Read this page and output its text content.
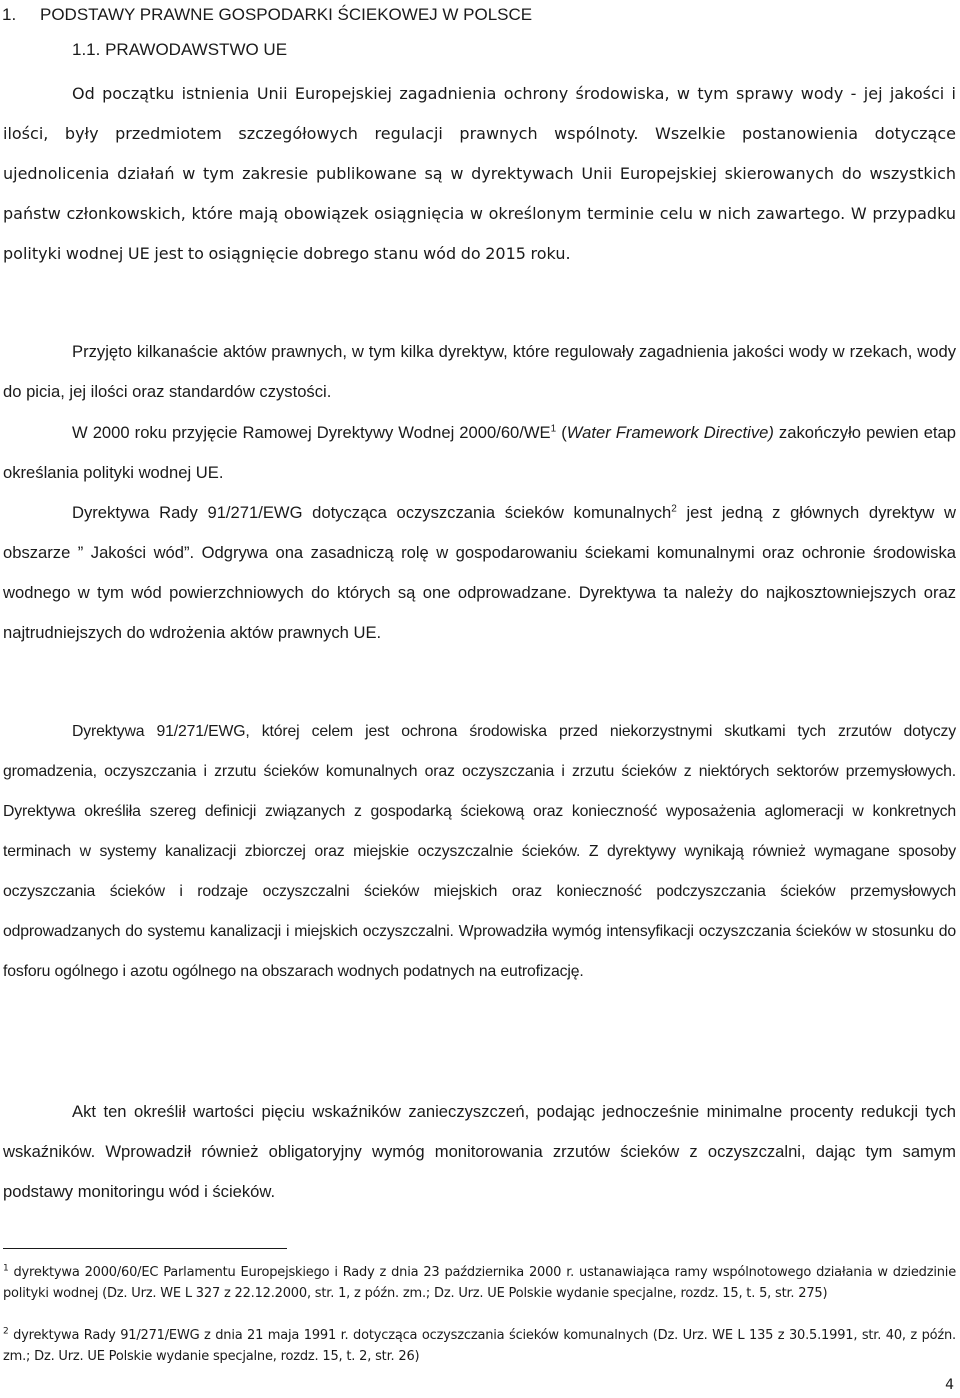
1. PODSTAWY PRAWNE GOSPODARKI ŚCIEKOWEJ W POLSCE
1.1. PRAWODAWSTWO UE

Od początku istnienia Unii Europejskiej zagadnienia ochrony środowiska, w tym sprawy wody - jej jakości i ilości, były przedmiotem szczegółowych regulacji prawnych wspólnoty. Wszelkie postanowienia dotyczące ujednolicenia działań w tym zakresie publikowane są w dyrektywach Unii Europejskiej skierowanych do wszystkich państw członkowskich, które mają obowiązek osiągnięcia w określonym terminie celu w nich zawartego. W przypadku polityki wodnej UE jest to osiągnięcie dobrego stanu wód do 2015 roku.

Przyjęto kilkanaście aktów prawnych, w tym kilka dyrektyw, które regulowały zagadnienia jakości wody w rzekach, wody do picia, jej ilości oraz standardów czystości.

W 2000 roku przyjęcie Ramowej Dyrektywy Wodnej $2000/60/WE^1$ (Water Framework Directive) zakończyło pewien etap określania polityki wodnej UE.

Dyrektywa Rady 91/271/EWG dotycząca oczyszczania ścieków komunalnych$^2$ jest jedną z głównych dyrektyw w obszarze ” Jakości wód”. Odgrywa ona zasadniczą rolę w gospodarowaniu ściekami komunalnymi oraz ochronie środowiska wodnego w tym wód powierzchniowych do których są one odprowadzane. Dyrektywa ta należy do najkosztowniejszych oraz najtrudniejszych do wdrożenia aktów prawnych UE.

Dyrektywa 91/271/EWG, której celem jest ochrona środowiska przed niekorzystnymi skutkami tych zrzutów dotyczy gromadzenia, oczyszczania i zrzutu ścieków komunalnych oraz oczyszczania i zrzutu ścieków z niektórych sektorów przemysłowych. Dyrektywa określiła szereg definicji związanych z gospodarką ściekową oraz konieczność wyposażenia aglomeracji w konkretnych terminach w systemy kanalizacji zbiorczej oraz miejskie oczyszczalnie ścieków. Z dyrektywy wynikają również wymagane sposoby oczyszczania ścieków i rodzaje oczyszczalni ścieków miejskich oraz konieczność podczyszczania ścieków przemysłowych odprowadzanych do systemu kanalizacji i miejskich oczyszczalni. Wprowadziła wymóg intensyfikacji oczyszczania ścieków w stosunku do fosforu ogólnego i azotu ogólnego na obszarach wodnych podatnych na eutrofizację.

Akt ten określił wartości pięciu wskaźników zanieczyszczeń, podając jednocześnie minimalne procenty redukcji tych wskaźników. Wprowadził również obligatoryjny wymóg monitorowania zrzutów ścieków z oczyszczalni, dając tym samym podstawy monitoringu wód i ścieków.

$^1$ dyrektywa 2000/60/EC Parlamentu Europejskiego i Rady z dnia 23 października 2000 r. ustanawiająca ramy wspólnotowego działania w dziedzinie polityki wodnej (Dz. Urz. WE L 327 z 22.12.2000, str. 1, z późn. zm.; Dz. Urz. UE Polskie wydanie specjalne, rozdz. 15, t. 5, str. 275)
$^2$ dyrektywa Rady 91/271/EWG z dnia 21 maja 1991 r. dotycząca oczyszczania ścieków komunalnych (Dz. Urz. WE L 135 z 30.5.1991, str. 40, z późn. zm.; Dz. Urz. UE Polskie wydanie specjalne, rozdz. 15, t. 2, str. 26)
4
